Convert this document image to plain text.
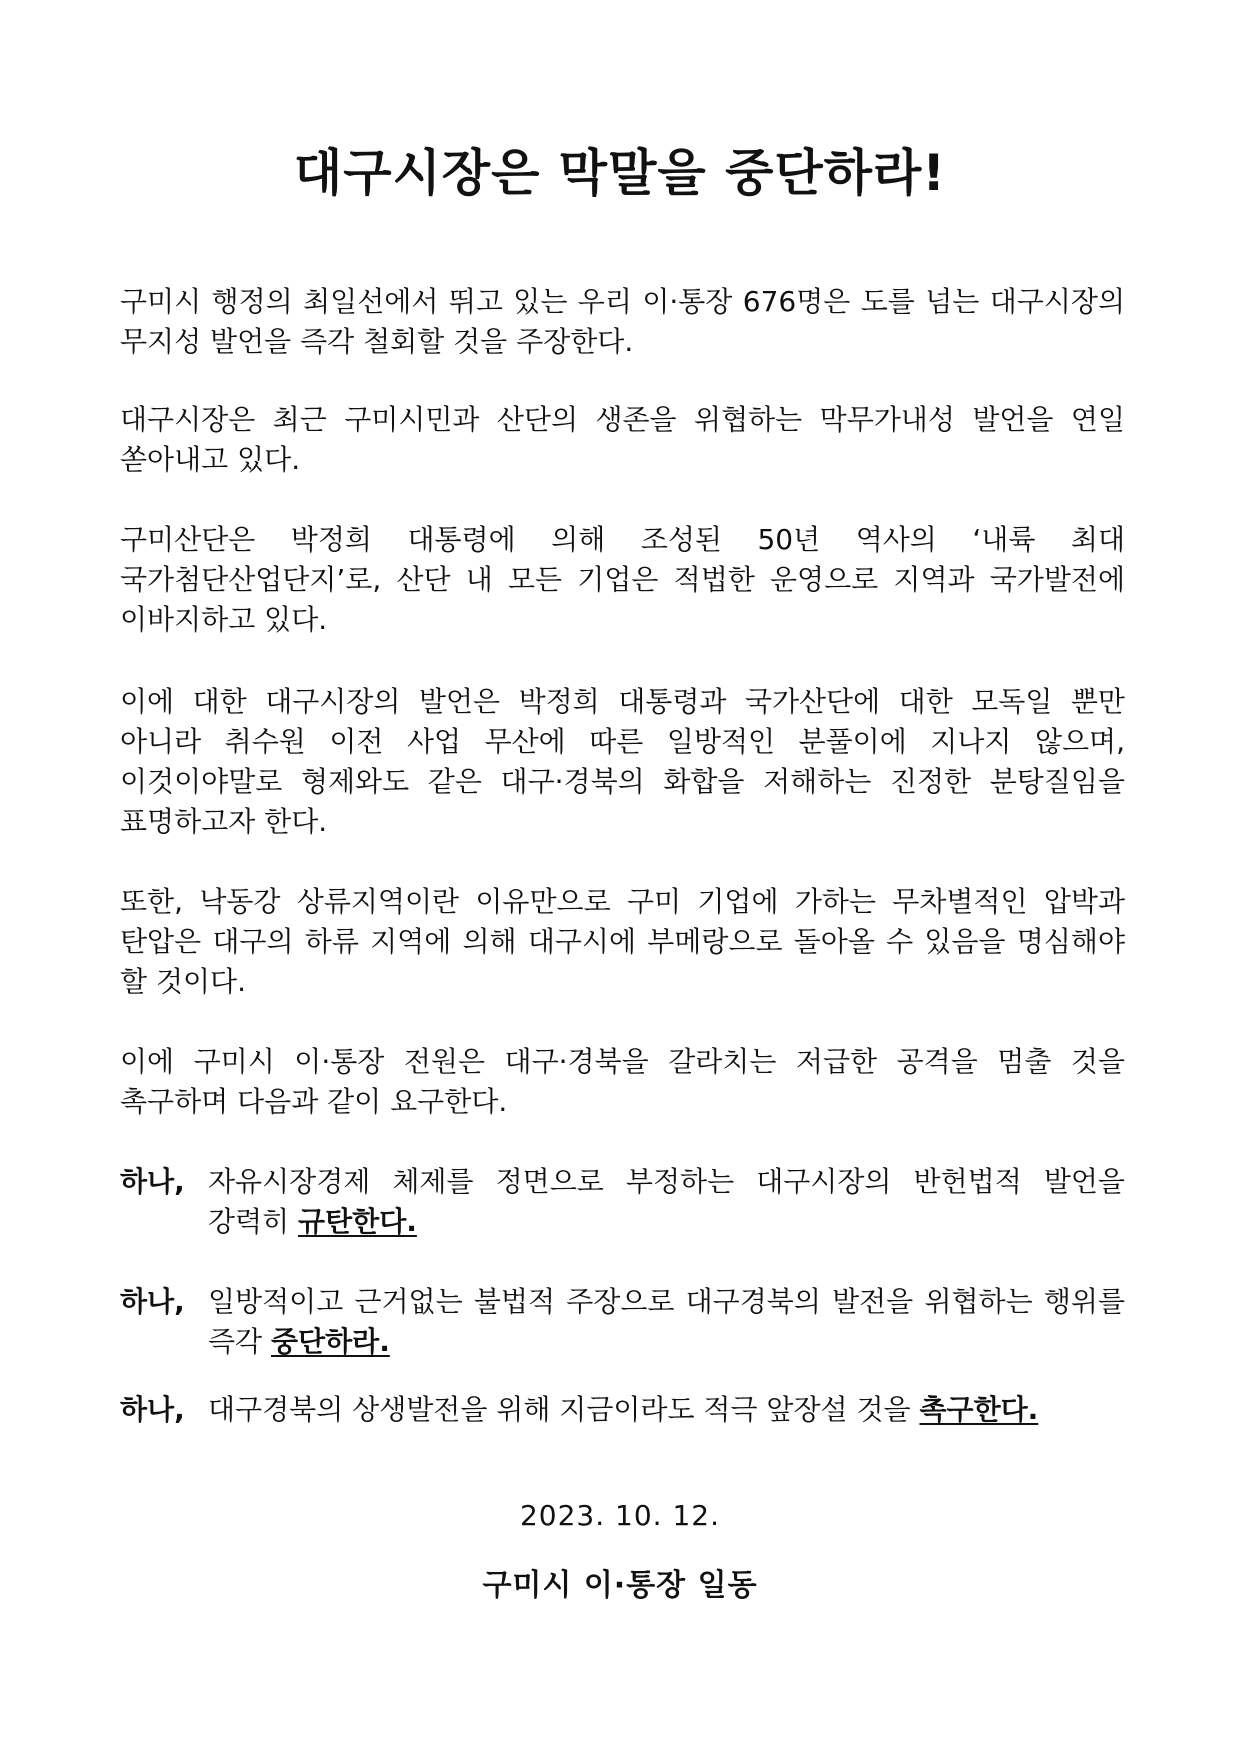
대구시장은 막말을 중단하라!

구미시 행정의 최일선에서 뛰고 있는 우리 이·통장 676명은 도를 넘는 대구시장의 무지성 발언을 즉각 철회할 것을 주장한다.

대구시장은 최근 구미시민과 산단의 생존을 위협하는 막무가내성 발언을 연일 쏟아내고 있다.

구미산단은 박정희 대통령에 의해 조성된 50년 역사의 ‘내륙 최대 국가첨단산업단지’로, 산단 내 모든 기업은 적법한 운영으로 지역과 국가발전에 이바지하고 있다.

이에 대한 대구시장의 발언은 박정희 대통령과 국가산단에 대한 모독일 뿐만 아니라 취수원 이전 사업 무산에 따른 일방적인 분풀이에 지나지 않으며, 이것이야말로 형제와도 같은 대구·경북의 화합을 저해하는 진정한 분탕질임을 표명하고자 한다.

또한, 낙동강 상류지역이란 이유만으로 구미 기업에 가하는 무차별적인 압박과 탄압은 대구의 하류 지역에 의해 대구시에 부메랑으로 돌아올 수 있음을 명심해야 할 것이다.

이에 구미시 이·통장 전원은 대구·경북을 갈라치는 저급한 공격을 멈출 것을 촉구하며 다음과 같이 요구한다.

하나, 자유시장경제 체제를 정면으로 부정하는 대구시장의 반헌법적 발언을 강력히 규탄한다.
하나, 일방적이고 근거없는 불법적 주장으로 대구경북의 발전을 위협하는 행위를 즉각 중단하라.
하나, 대구경북의 상생발전을 위해 지금이라도 적극 앞장설 것을 촉구한다.
2023. 10. 12.
구미시 이·통장 일동
